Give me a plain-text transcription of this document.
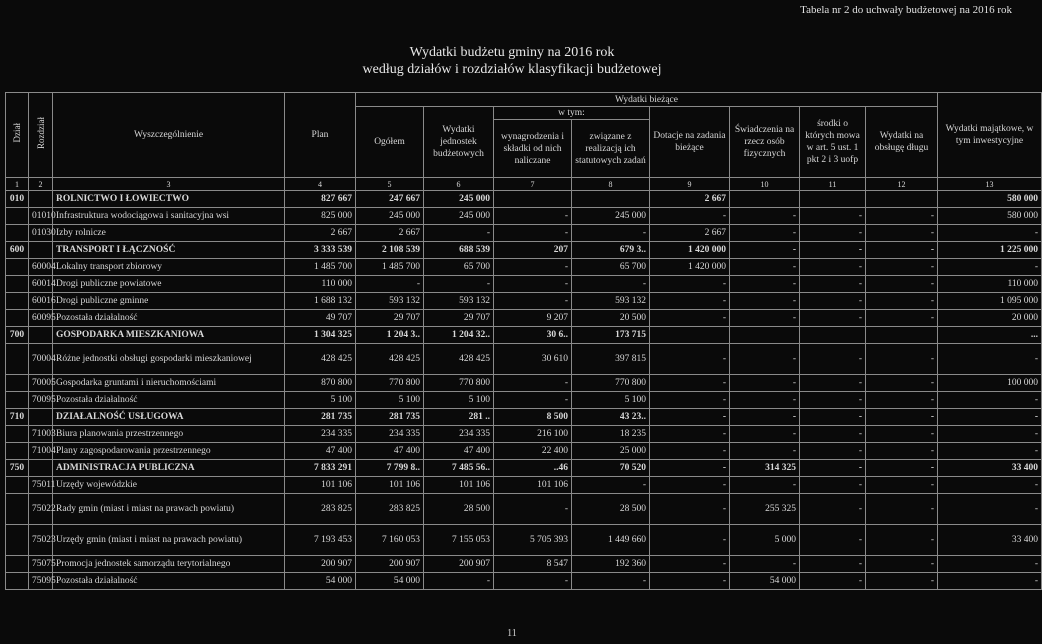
Tabela nr 2 do uchwały budżetowej na 2016 rok
Wydatki budżetu gminy na 2016 rok
według działów i rozdziałów klasyfikacji budżetowej
Dział	Rozdział	Wyszczególnienie	Plan	Wydatki bieżące								Wydatki majątkowe, w tym inwestycyjne
				Ogółem	Wydatki jednostek budżetowych	w tym:		Dotacje na zadania bieżące	Świadczenia na rzecz osób fizycznych	środki o których mowa w art. 5 ust. 1 pkt 2 i 3 uofp	Wydatki na obsługę długu	
						wynagrodzenia i składki od nich naliczane	związane z realizacją ich statutowych zadań					
1	2	3	4	5	6	7	8	9	10	11	12	13
010		ROLNICTWO I ŁOWIECTWO	827 667	247 667	245 000			2 667				580 000
	01010	Infrastruktura wodociągowa i sanitacyjna wsi	825 000	245 000	245 000	-	245 000	-	-	-	-	580 000
	01030	Izby rolnicze	2 667	2 667	-	-	-	2 667	-	-	-	-
600		TRANSPORT I ŁĄCZNOŚĆ	3 333 539	2 108 539	688 539	207	679 3..	1 420 000	-	-	-	1 225 000
	60004	Lokalny transport zbiorowy	1 485 700	1 485 700	65 700	-	65 700	1 420 000	-	-	-	-
	60014	Drogi publiczne powiatowe	110 000	-	-	-	-	-	-	-	-	110 000
	60016	Drogi publiczne gminne	1 688 132	593 132	593 132	-	593 132	-	-	-	-	1 095 000
	60095	Pozostała działalność	49 707	29 707	29 707	9 207	20 500	-	-	-	-	20 000
700		GOSPODARKA MIESZKANIOWA	1 304 325	1 204 3..	1 204 32..	30 6..	173 715					...
	70004	Różne jednostki obsługi gospodarki mieszkaniowej	428 425	428 425	428 425	30 610	397 815	-	-	-	-	-
	70005	Gospodarka gruntami i nieruchomościami	870 800	770 800	770 800	-	770 800	-	-	-	-	100 000
	70095	Pozostała działalność	5 100	5 100	5 100	-	5 100	-	-	-	-	-
710		DZIAŁALNOŚĆ USŁUGOWA	281 735	281 735	281 ..	8 500	43 23..	-	-	-	-	-
	71003	Biura planowania przestrzennego	234 335	234 335	234 335	216 100	18 235	-	-	-	-	-
	71004	Plany zagospodarowania przestrzennego	47 400	47 400	47 400	22 400	25 000	-	-	-	-	-
750		ADMINISTRACJA PUBLICZNA	7 833 291	7 799 8..	7 485 56..	..46	70 520	-	314 325	-	-	33 400
	75011	Urzędy wojewódzkie	101 106	101 106	101 106	101 106	-	-	-	-	-	-
	75022	Rady gmin (miast i miast na prawach powiatu)	283 825	283 825	28 500	-	28 500	-	255 325	-	-	-
	75023	Urzędy gmin (miast i miast na prawach powiatu)	7 193 453	7 160 053	7 155 053	5 705 393	1 449 660	-	5 000	-	-	33 400
	75075	Promocja jednostek samorządu terytorialnego	200 907	200 907	200 907	8 547	192 360	-	-	-	-	-
	75095	Pozostała działalność	54 000	54 000	-	-	-	-	54 000	-	-	-
11
